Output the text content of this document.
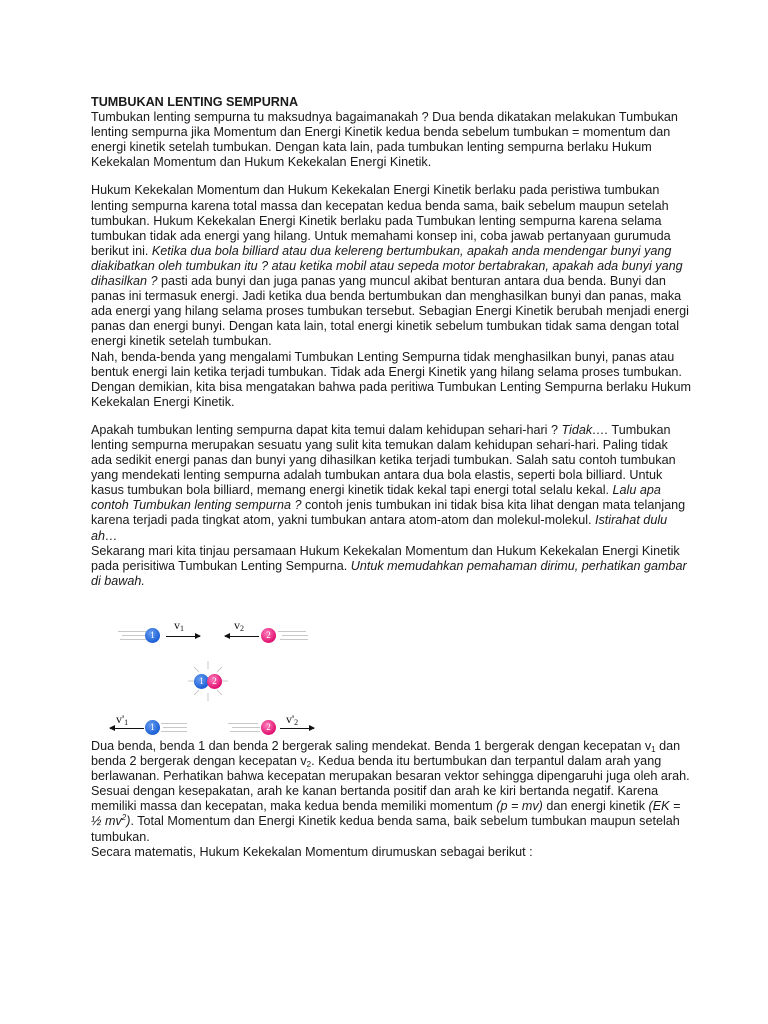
TUMBUKAN LENTING SEMPURNA

Tumbukan lenting sempurna tu maksudnya bagaimanakah ? Dua benda dikatakan melakukan Tumbukan lenting sempurna jika Momentum dan Energi Kinetik kedua benda sebelum tumbukan = momentum dan energi kinetik setelah tumbukan. Dengan kata lain, pada tumbukan lenting sempurna berlaku Hukum Kekekalan Momentum dan Hukum Kekekalan Energi Kinetik.

Hukum Kekekalan Momentum dan Hukum Kekekalan Energi Kinetik berlaku pada peristiwa tumbukan lenting sempurna karena total massa dan kecepatan kedua benda sama, baik sebelum maupun setelah tumbukan. Hukum Kekekalan Energi Kinetik berlaku pada Tumbukan lenting sempurna karena selama tumbukan tidak ada energi yang hilang. Untuk memahami konsep ini, coba jawab pertanyaan gurumuda berikut ini. Ketika dua bola billiard atau dua kelereng bertumbukan, apakah anda mendengar bunyi yang diakibatkan oleh tumbukan itu ? atau ketika mobil atau sepeda motor bertabrakan, apakah ada bunyi yang dihasilkan ? pasti ada bunyi dan juga panas yang muncul akibat benturan antara dua benda. Bunyi dan panas ini termasuk energi. Jadi ketika dua benda bertumbukan dan menghasilkan bunyi dan panas, maka ada energi yang hilang selama proses tumbukan tersebut. Sebagian Energi Kinetik berubah menjadi energi panas dan energi bunyi. Dengan kata lain, total energi kinetik sebelum tumbukan tidak sama dengan total energi kinetik setelah tumbukan.

Nah, benda-benda yang mengalami Tumbukan Lenting Sempurna tidak menghasilkan bunyi, panas atau bentuk energi lain ketika terjadi tumbukan. Tidak ada Energi Kinetik yang hilang selama proses tumbukan. Dengan demikian, kita bisa mengatakan bahwa pada peritiwa Tumbukan Lenting Sempurna berlaku Hukum Kekekalan Energi Kinetik.

Apakah tumbukan lenting sempurna dapat kita temui dalam kehidupan sehari-hari ? Tidak…. Tumbukan lenting sempurna merupakan sesuatu yang sulit kita temukan dalam kehidupan sehari-hari. Paling tidak ada sedikit energi panas dan bunyi yang dihasilkan ketika terjadi tumbukan. Salah satu contoh tumbukan yang mendekati lenting sempurna adalah tumbukan antara dua bola elastis, seperti bola billiard. Untuk kasus tumbukan bola billiard, memang energi kinetik tidak kekal tapi energi total selalu kekal. Lalu apa contoh Tumbukan lenting sempurna ? contoh jenis tumbukan ini tidak bisa kita lihat dengan mata telanjang karena terjadi pada tingkat atom, yakni tumbukan antara atom-atom dan molekul-molekul. Istirahat dulu ah…

Sekarang mari kita tinjau persamaan Hukum Kekekalan Momentum dan Hukum Kekekalan Energi Kinetik pada perisitiwa Tumbukan Lenting Sempurna. Untuk memudahkan pemahaman dirimu, perhatikan gambar di bawah.

1
$v_1$	$v_2$
2
1 2
$v'_1$	1	2
$v'_2$

Dua benda, benda 1 dan benda 2 bergerak saling mendekat. Benda 1 bergerak dengan kecepatan $v_1$ dan benda 2 bergerak dengan kecepatan $v_2$. Kedua benda itu bertumbukan dan terpantul dalam arah yang berlawanan. Perhatikan bahwa kecepatan merupakan besaran vektor sehingga dipengaruhi juga oleh arah. Sesuai dengan kesepakatan, arah ke kanan bertanda positif dan arah ke kiri bertanda negatif. Karena memiliki massa dan kecepatan, maka kedua benda memiliki momentum (p = mv) dan energi kinetik (EK = ½ $mv^2$). Total Momentum dan Energi Kinetik kedua benda sama, baik sebelum tumbukan maupun setelah tumbukan.

Secara matematis, Hukum Kekekalan Momentum dirumuskan sebagai berikut :
